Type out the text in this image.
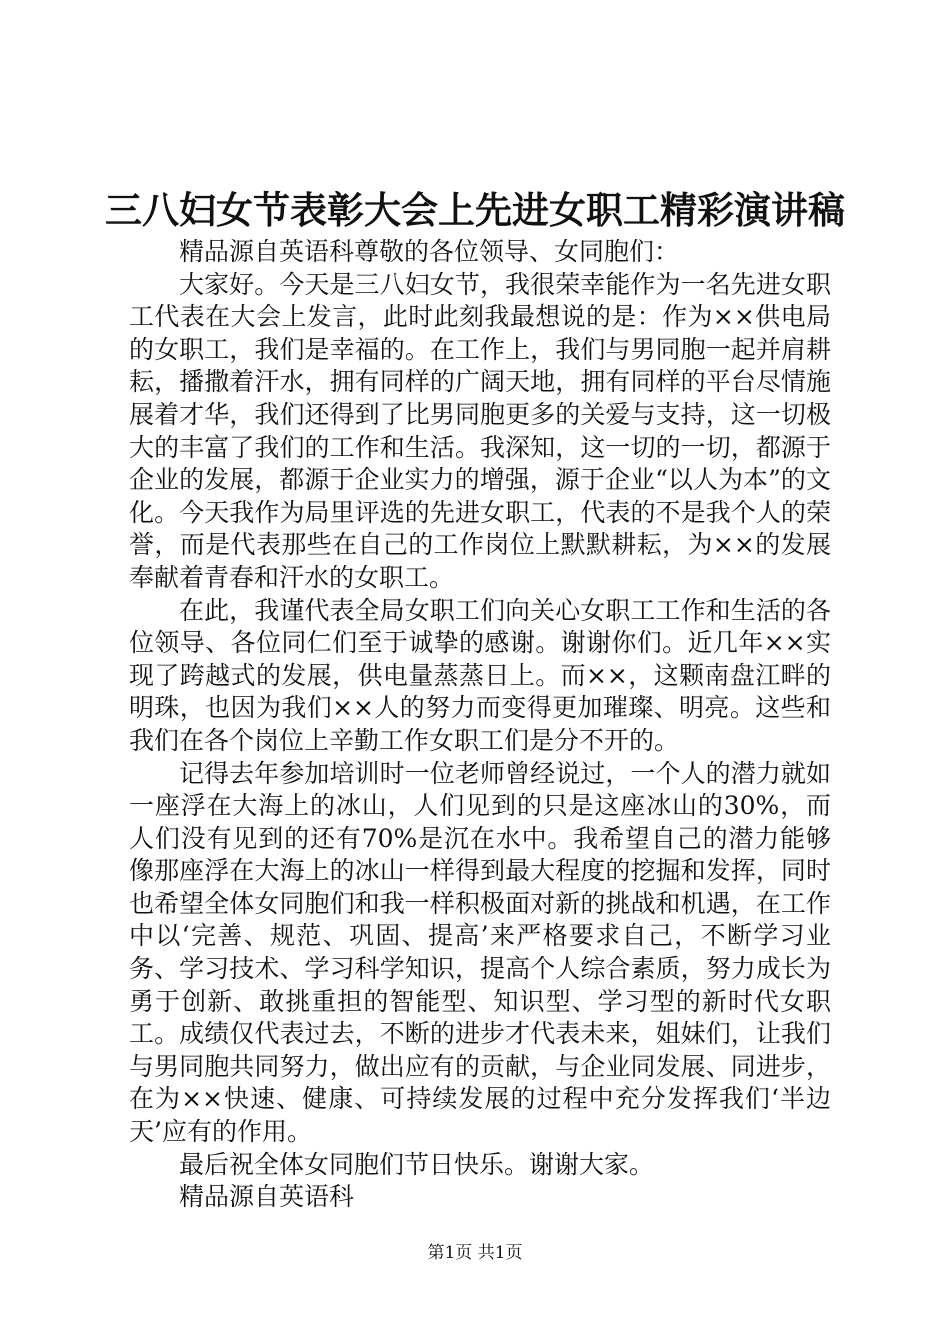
三八妇女节表彰大会上先进女职工精彩演讲稿

精品源自英语科尊敬的各位领导、女同胞们：

大家好。今天是三八妇女节，我很荣幸能作为一名先进女职工代表在大会上发言，此时此刻我最想说的是：作为××供电局的女职工，我们是幸福的。在工作上，我们与男同胞一起并肩耕耘，播撒着汗水，拥有同样的广阔天地，拥有同样的平台尽情施展着才华，我们还得到了比男同胞更多的关爱与支持，这一切极大的丰富了我们的工作和生活。我深知，这一切的一切，都源于企业的发展，都源于企业实力的增强，源于企业“以人为本”的文化。今天我作为局里评选的先进女职工，代表的不是我个人的荣誉，而是代表那些在自己的工作岗位上默默耕耘，为××的发展奉献着青春和汗水的女职工。

在此，我谨代表全局女职工们向关心女职工工作和生活的各位领导、各位同仁们至于诚挚的感谢。谢谢你们。近几年××实现了跨越式的发展，供电量蒸蒸日上。而××，这颗南盘江畔的明珠，也因为我们××人的努力而变得更加璀璨、明亮。这些和我们在各个岗位上辛勤工作女职工们是分不开的。

记得去年参加培训时一位老师曾经说过，一个人的潜力就如一座浮在大海上的冰山，人们见到的只是这座冰山的30%，而人们没有见到的还有70%是沉在水中。我希望自己的潜力能够像那座浮在大海上的冰山一样得到最大程度的挖掘和发挥，同时也希望全体女同胞们和我一样积极面对新的挑战和机遇，在工作中以‘完善、规范、巩固、提高’来严格要求自己，不断学习业务、学习技术、学习科学知识，提高个人综合素质，努力成长为勇于创新、敢挑重担的智能型、知识型、学习型的新时代女职工。成绩仅代表过去，不断的进步才代表未来，姐妹们，让我们与男同胞共同努力，做出应有的贡献，与企业同发展、同进步，在为××快速、健康、可持续发展的过程中充分发挥我们‘半边天’应有的作用。

最后祝全体女同胞们节日快乐。谢谢大家。

精品源自英语科

第1页 共1页
